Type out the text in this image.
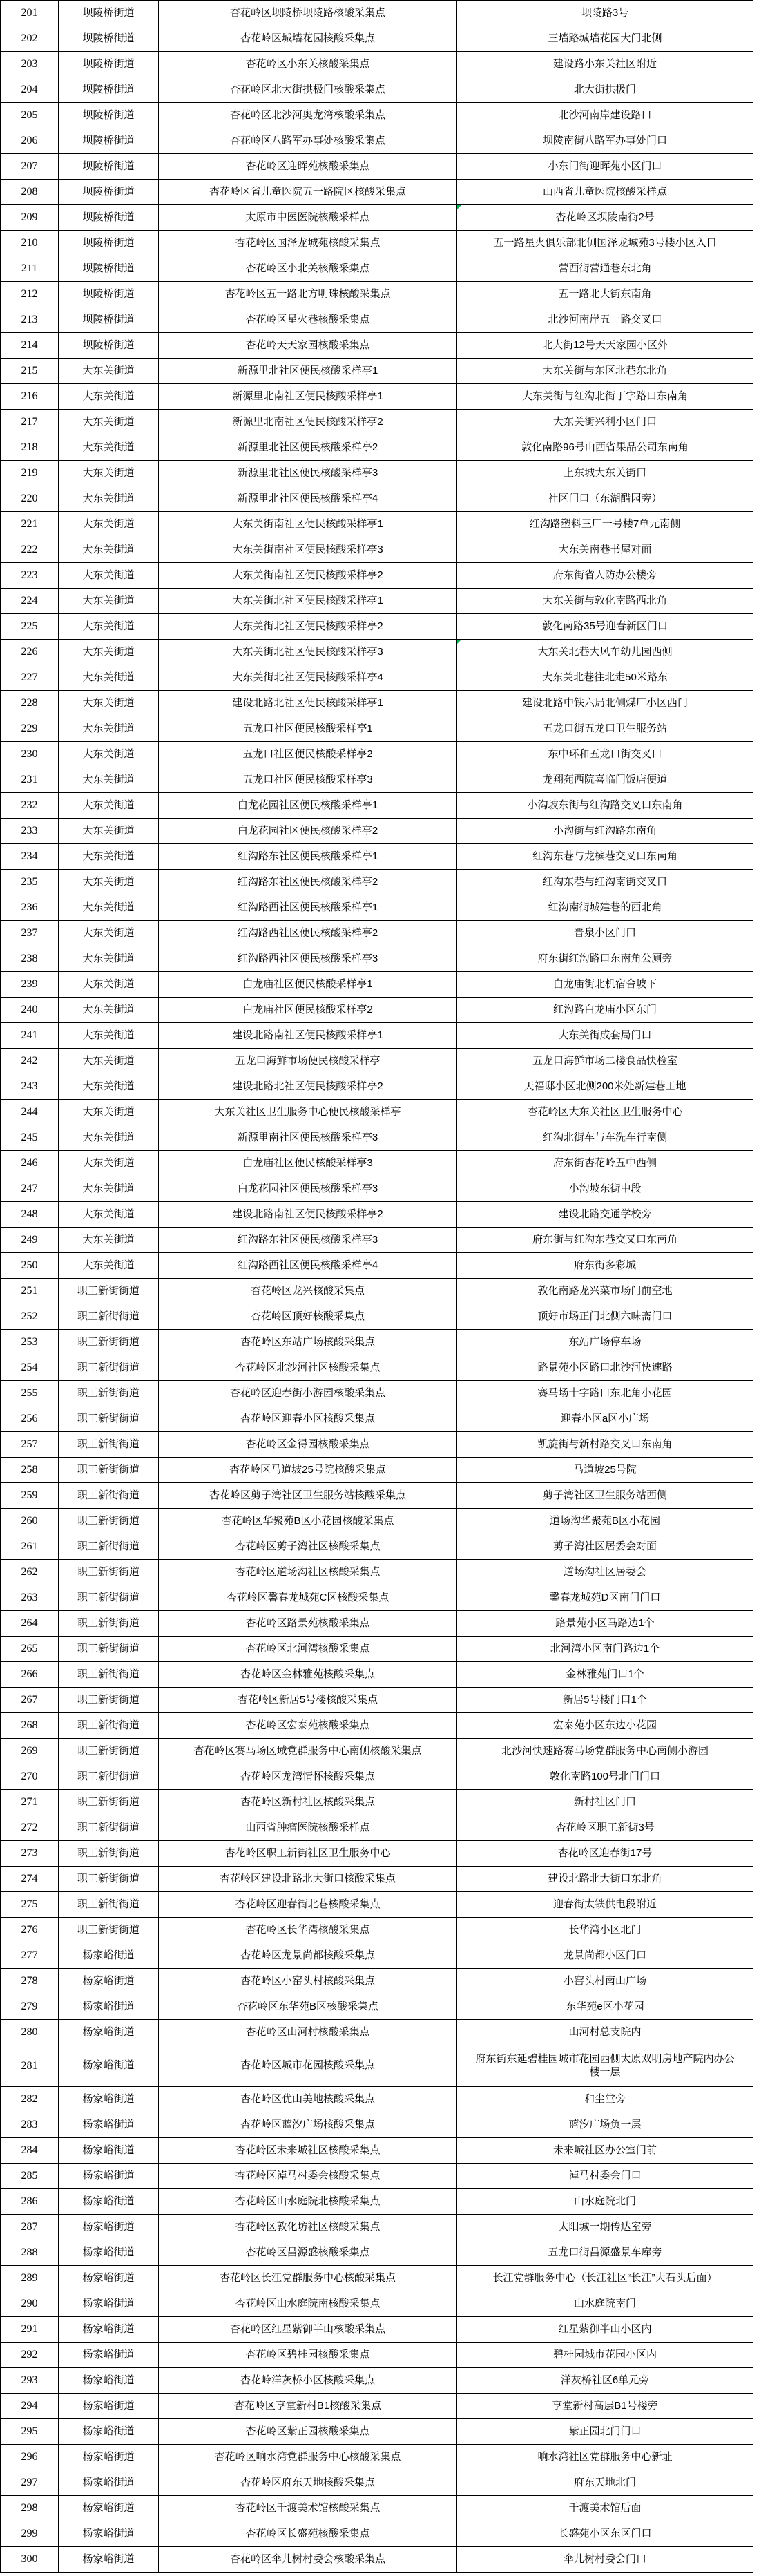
201	坝陵桥街道	杏花岭区坝陵桥坝陵路核酸采集点	坝陵路3号
202	坝陵桥街道	杏花岭区城墙花园核酸采集点	三墙路城墙花园大门北侧
203	坝陵桥街道	杏花岭区小东关核酸采集点	建设路小东关社区附近
204	坝陵桥街道	杏花岭区北大街拱极门核酸采集点	北大街拱极门
205	坝陵桥街道	杏花岭区北沙河奥龙湾核酸采集点	北沙河南岸建设路口
206	坝陵桥街道	杏花岭区八路军办事处核酸采集点	坝陵南街八路军办事处门口
207	坝陵桥街道	杏花岭区迎晖苑核酸采集点	小东门街迎晖苑小区门口
208	坝陵桥街道	杏花岭区省儿童医院五一路院区核酸采集点	山西省儿童医院核酸采样点
209	坝陵桥街道	太原市中医医院核酸采样点	杏花岭区坝陵南街2号

210	坝陵桥街道	杏花岭区国泽龙城苑核酸采集点	五一路星火俱乐部北侧国泽龙城苑3号楼小区入口
211	坝陵桥街道	杏花岭区小北关核酸采集点	营西街营通巷东北角
212	坝陵桥街道	杏花岭区五一路北方明珠核酸采集点	五一路北大街东南角
213	坝陵桥街道	杏花岭区星火巷核酸采集点	北沙河南岸五一路交叉口
214	坝陵桥街道	杏花岭天天家园核酸采集点	北大街12号天天家园小区外
215	大东关街道	新源里北社区便民核酸采样亭1	大东关街与东区北巷东北角
216	大东关街道	新源里北南社区便民核酸采样亭1	大东关街与红沟北街丁字路口东南角
217	大东关街道	新源里北南社区便民核酸采样亭2	大东关街兴利小区门口
218	大东关街道	新源里北社区便民核酸采样亭2	敦化南路96号山西省果品公司东南角
219	大东关街道	新源里北社区便民核酸采样亭3	上东城大东关街口
220	大东关街道	新源里北社区便民核酸采样亭4	社区门口（东湖醋园旁）
221	大东关街道	大东关街南社区便民核酸采样亭1	红沟路塑料三厂一号楼7单元南侧
222	大东关街道	大东关街南社区便民核酸采样亭3	大东关南巷书屋对面
223	大东关街道	大东关街南社区便民核酸采样亭2	府东街省人防办公楼旁
224	大东关街道	大东关街北社区便民核酸采样亭1	大东关街与敦化南路西北角
225	大东关街道	大东关街北社区便民核酸采样亭2	敦化南路35号迎春新区门口
226	大东关街道	大东关街北社区便民核酸采样亭3	大东关北巷大风车幼儿园西侧

227	大东关街道	大东关街北社区便民核酸采样亭4	大东关北巷往北走50米路东
228	大东关街道	建设北路北社区便民核酸采样亭1	建设北路中铁六局北侧煤厂小区西门
229	大东关街道	五龙口社区便民核酸采样亭1	五龙口街五龙口卫生服务站
230	大东关街道	五龙口社区便民核酸采样亭2	东中环和五龙口街交叉口
231	大东关街道	五龙口社区便民核酸采样亭3	龙翔苑西院喜临门饭店便道
232	大东关街道	白龙花园社区便民核酸采样亭1	小沟坡东街与红沟路交叉口东南角
233	大东关街道	白龙花园社区便民核酸采样亭2	小沟街与红沟路东南角
234	大东关街道	红沟路东社区便民核酸采样亭1	红沟东巷与龙槟巷交叉口东南角
235	大东关街道	红沟路东社区便民核酸采样亭2	红沟东巷与红沟南街交叉口
236	大东关街道	红沟路西社区便民核酸采样亭1	红沟南街城建巷的西北角
237	大东关街道	红沟路西社区便民核酸采样亭2	晋泉小区门口
238	大东关街道	红沟路西社区便民核酸采样亭3	府东街红沟路口东南角公厕旁
239	大东关街道	白龙庙社区便民核酸采样亭1	白龙庙街北机宿舍坡下
240	大东关街道	白龙庙社区便民核酸采样亭2	红沟路白龙庙小区东门
241	大东关街道	建设北路南社区便民核酸采样亭1	大东关街成套局门口
242	大东关街道	五龙口海鲜市场便民核酸采样亭	五龙口海鲜市场二楼食品快检室
243	大东关街道	建设北路北社区便民核酸采样亭2	天福邸小区北侧200米处新建巷工地
244	大东关街道	大东关社区卫生服务中心便民核酸采样亭	杏花岭区大东关社区卫生服务中心
245	大东关街道	新源里南社区便民核酸采样亭3	红沟北街车与车洗车行南侧
246	大东关街道	白龙庙社区便民核酸采样亭3	府东街杏花岭五中西侧
247	大东关街道	白龙花园社区便民核酸采样亭3	小沟坡东街中段
248	大东关街道	建设北路南社区便民核酸采样亭2	建设北路交通学校旁
249	大东关街道	红沟路东社区便民核酸采样亭3	府东街与红沟东巷交叉口东南角
250	大东关街道	红沟路西社区便民核酸采样亭4	府东街多彩城
251	职工新街街道	杏花岭区龙兴核酸采集点	敦化南路龙兴菜市场门前空地
252	职工新街街道	杏花岭区顶好核酸采集点	顶好市场正门北侧六味斋门口
253	职工新街街道	杏花岭区东站广场核酸采集点	东站广场停车场
254	职工新街街道	杏花岭区北沙河社区核酸采集点	路景苑小区路口北沙河快速路
255	职工新街街道	杏花岭区迎春街小游园核酸采集点	赛马场十字路口东北角小花园
256	职工新街街道	杏花岭区迎春小区核酸采集点	迎春小区a区小广场
257	职工新街街道	杏花岭区金得园核酸采集点	凯旋街与新村路交叉口东南角
258	职工新街街道	杏花岭区马道坡25号院核酸采集点	马道坡25号院
259	职工新街街道	杏花岭区剪子湾社区卫生服务站核酸采集点	剪子湾社区卫生服务站西侧
260	职工新街街道	杏花岭区华聚苑B区小花园核酸采集点	道场沟华聚苑B区小花园
261	职工新街街道	杏花岭区剪子湾社区核酸采集点	剪子湾社区居委会对面
262	职工新街街道	杏花岭区道场沟社区核酸采集点	道场沟社区居委会
263	职工新街街道	杏花岭区馨春龙城苑C区核酸采集点	馨春龙城苑D区南门门口
264	职工新街街道	杏花岭区路景苑核酸采集点	路景苑小区马路边1个
265	职工新街街道	杏花岭区北河湾核酸采集点	北河湾小区南门路边1个
266	职工新街街道	杏花岭区金林雅苑核酸采集点	金林雅苑门口1个
267	职工新街街道	杏花岭区新居5号楼核酸采集点	新居5号楼门口1个
268	职工新街街道	杏花岭区宏泰苑核酸采集点	宏泰苑小区东边小花园
269	职工新街街道	杏花岭区赛马场区域党群服务中心南侧核酸采集点	北沙河快速路赛马场党群服务中心南侧小游园
270	职工新街街道	杏花岭区龙湾情怀核酸采集点	敦化南路100号北门门口
271	职工新街街道	杏花岭区新村社区核酸采集点	新村社区门口
272	职工新街街道	山西省肿瘤医院核酸采样点	杏花岭区职工新街3号
273	职工新街街道	杏花岭区职工新街社区卫生服务中心	杏花岭区迎春街17号
274	职工新街街道	杏花岭区建设北路北大街口核酸采集点	建设北路北大街口东北角
275	职工新街街道	杏花岭区迎春街北巷核酸采集点	迎春街太铁供电段附近
276	职工新街街道	杏花岭区长华湾核酸采集点	长华湾小区北门
277	杨家峪街道	杏花岭区龙景尚都核酸采集点	龙景尚都小区门口
278	杨家峪街道	杏花岭区小窑头村核酸采集点	小窑头村南山广场
279	杨家峪街道	杏花岭区东华苑B区核酸采集点	东华苑e区小花园
280	杨家峪街道	杏花岭区山河村核酸采集点	山河村总支院内
281	杨家峪街道	杏花岭区城市花园核酸采集点	府东街东延碧桂园城市花园西侧太原双明房地产院内办公楼一层
282	杨家峪街道	杏花岭区优山美地核酸采集点	和尘堂旁
283	杨家峪街道	杏花岭区蓝汐广场核酸采集点	蓝汐广场负一层
284	杨家峪街道	杏花岭区未来城社区核酸采集点	未来城社区办公室门前
285	杨家峪街道	杏花岭区淖马村委会核酸采集点	淖马村委会门口
286	杨家峪街道	杏花岭区山水庭院北核酸采集点	山水庭院北门
287	杨家峪街道	杏花岭区敦化坊社区核酸采集点	太阳城一期传达室旁
288	杨家峪街道	杏花岭区昌源盛核酸采集点	五龙口街昌源盛景车库旁
289	杨家峪街道	杏花岭区长江党群服务中心核酸采集点	长江党群服务中心（长江社区“长江”大石头后面）
290	杨家峪街道	杏花岭区山水庭院南核酸采集点	山水庭院南门
291	杨家峪街道	杏花岭区红星紫御半山核酸采集点	红星紫御半山小区内
292	杨家峪街道	杏花岭区碧桂园核酸采集点	碧桂园城市花园小区内
293	杨家峪街道	杏花岭洋灰桥小区核酸采集点	洋灰桥社区6单元旁
294	杨家峪街道	杏花岭区享堂新村B1核酸采集点	享堂新村高层B1号楼旁
295	杨家峪街道	杏花岭区紫正园核酸采集点	紫正园北门门口
296	杨家峪街道	杏花岭区响水湾党群服务中心核酸采集点	响水湾社区党群服务中心新址
297	杨家峪街道	杏花岭区府东天地核酸采集点	府东天地北门
298	杨家峪街道	杏花岭区千渡美术馆核酸采集点	千渡美术馆后面
299	杨家峪街道	杏花岭区长盛苑核酸采集点	长盛苑小区东区门口
300	杨家峪街道	杏花岭区伞儿树村委会核酸采集点	伞儿树村委会门口
